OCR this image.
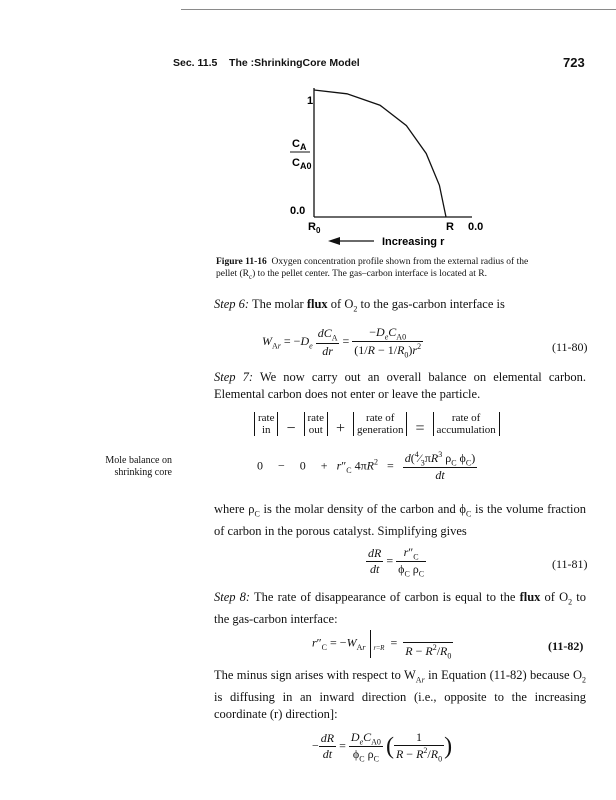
Sec. 11.5 The :ShrinkingCore Model	723
$C_A$
$C_{A0}$
1
0.0
$R_0$	R 0.0
Increasing r
Figure 11-16 Oxygen concentration profile shown from the external radius of the
pellet $(R_c)$ to the pellet center. The gas–carbon interface is located at R.
Step 6: The molar flux of $O_2$ to the gas-carbon interface is
$W_{Ar} = -D_e \frac{dC_A}{dr} = \frac{-D_eC_{A0}}{(1/R - 1/R_0)r^2}$	(11-80)
Step 7: We now carry out an overall balance on elemental carbon. Elemental carbon does not enter or leave the particle.
rate
in  −  rate
out  +  rate of
generation  =  rate of
accumulation
Mole balance on
shrinking core
0     −     0     +   $r''_C$ $4\pi R^2 = \frac{d(^4⁄_3\pi R^3 \rho_C \phi_C)}{dt}$
where $\rho_C$ is the molar density of the carbon and $\phi_C$ is the volume fraction of carbon in the porous catalyst. Simplifying gives
$\frac{dR}{dt} = \frac{r''_C}{\phi_C \rho_C}$	(11-81)
Step 8: The rate of disappearance of carbon is equal to the flux of $O_2$ to the gas-carbon interface:
$r''_C = -W_{Ar}$ $_{r=R}$  =

$R - R^2/R_0$
(11-82)
The minus sign arises with respect to $W_{Ar}$ in Equation (11-82) because $O_2$ is diffusing in an inward direction (i.e., opposite to the increasing coordinate (r) direction]:
− $\frac{dR}{dt} = \frac{D_eC_{A0}}{\phi_C \rho_C}$ ( $\frac{1}{R - R^2/R_0}$ )
